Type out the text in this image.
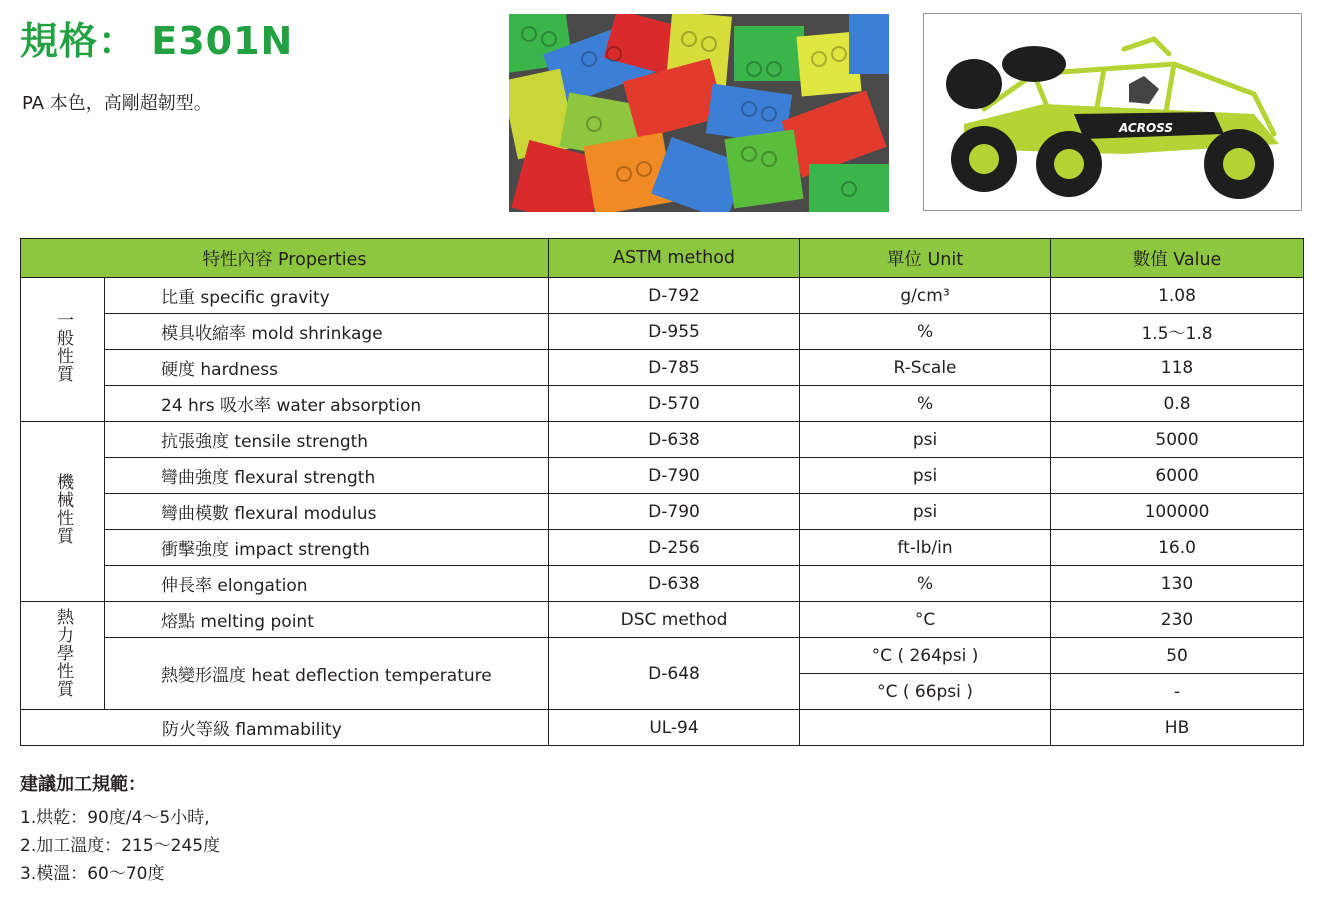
規格： E301N

PA 本色，高剛超韌型。

ACROSS
特性內容 Properties		ASTM method	單位 Unit	數值 Value
一般性質	比重 specific gravity	D-792	g/cm³	1.08
	模具收縮率 mold shrinkage	D-955	%	1.5～1.8
	硬度 hardness	D-785	R-Scale	118
	24 hrs 吸水率 water absorption	D-570	%	0.8
機械性質	抗張強度 tensile strength	D-638	psi	5000
	彎曲強度 flexural strength	D-790	psi	6000
	彎曲模數 flexural modulus	D-790	psi	100000
	衝擊強度 impact strength	D-256	ft-lb/in	16.0
	伸長率 elongation	D-638	%	130
熱力學性質	熔點 melting point	DSC method	°C	230
	熱變形溫度 heat deflection temperature	D-648	°C ( 264psi )	50
			°C ( 66psi )	-
防火等級 flammability		UL-94		HB
建議加工規範：

1.烘乾：90度/4～5小時,

2.加工溫度：215～245度

3.模溫：60～70度
